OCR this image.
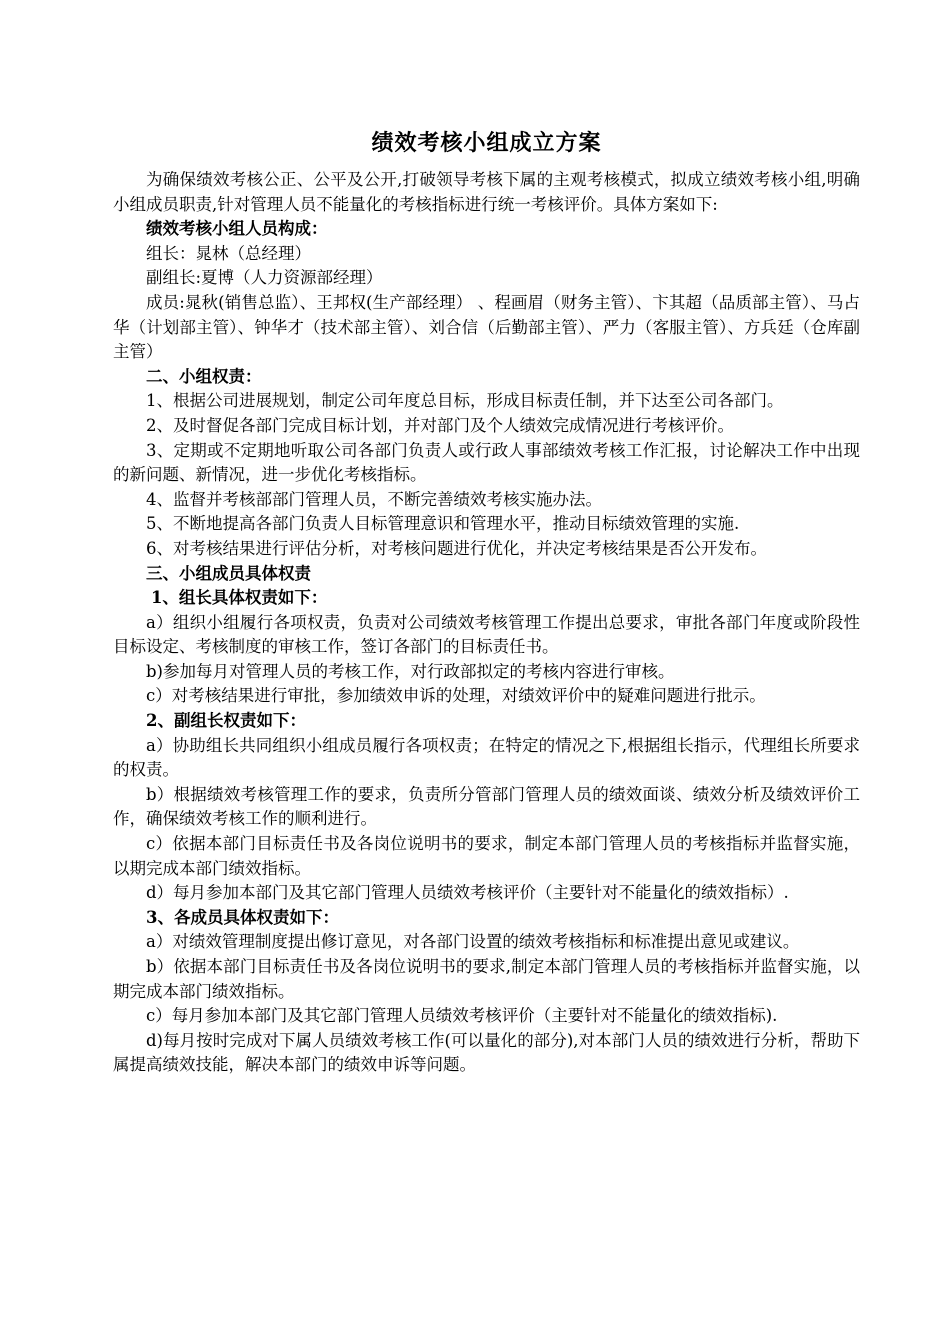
绩效考核小组成立方案

为确保绩效考核公正、公平及公开,打破领导考核下属的主观考核模式，拟成立绩效考核小组,明确小组成员职责,针对管理人员不能量化的考核指标进行统一考核评价。具体方案如下:

绩效考核小组人员构成：

组长：晁林（总经理）

副组长:夏博（人力资源部经理）

成员:晁秋(销售总监）、王邦权(生产部经理） 、程画眉（财务主管）、卞其超（品质部主管）、马占华（计划部主管）、钟华才（技术部主管）、刘合信（后勤部主管）、严力（客服主管）、方兵廷（仓库副主管）

二、小组权责：

1、根据公司进展规划，制定公司年度总目标，形成目标责任制，并下达至公司各部门。

2、及时督促各部门完成目标计划，并对部门及个人绩效完成情况进行考核评价。

3、定期或不定期地听取公司各部门负责人或行政人事部绩效考核工作汇报，讨论解决工作中出现的新问题、新情况，进一步优化考核指标。

4、监督并考核部部门管理人员，不断完善绩效考核实施办法。

5、不断地提高各部门负责人目标管理意识和管理水平，推动目标绩效管理的实施.

6、对考核结果进行评估分析，对考核问题进行优化，并决定考核结果是否公开发布。

三、小组成员具体权责

1、组长具体权责如下：

a）组织小组履行各项权责，负责对公司绩效考核管理工作提出总要求，审批各部门年度或阶段性目标设定、考核制度的审核工作，签订各部门的目标责任书。

b)参加每月对管理人员的考核工作，对行政部拟定的考核内容进行审核。

c）对考核结果进行审批，参加绩效申诉的处理，对绩效评价中的疑难问题进行批示。

2、副组长权责如下：

a）协助组长共同组织小组成员履行各项权责；在特定的情况之下,根据组长指示，代理组长所要求的权责。

b）根据绩效考核管理工作的要求，负责所分管部门管理人员的绩效面谈、绩效分析及绩效评价工作，确保绩效考核工作的顺利进行。

c）依据本部门目标责任书及各岗位说明书的要求，制定本部门管理人员的考核指标并监督实施，以期完成本部门绩效指标。

d）每月参加本部门及其它部门管理人员绩效考核评价（主要针对不能量化的绩效指标）.

3、各成员具体权责如下：

a）对绩效管理制度提出修订意见，对各部门设置的绩效考核指标和标准提出意见或建议。

b）依据本部门目标责任书及各岗位说明书的要求,制定本部门管理人员的考核指标并监督实施，以期完成本部门绩效指标。

c）每月参加本部门及其它部门管理人员绩效考核评价（主要针对不能量化的绩效指标).

d)每月按时完成对下属人员绩效考核工作(可以量化的部分),对本部门人员的绩效进行分析，帮助下属提高绩效技能，解决本部门的绩效申诉等问题。
